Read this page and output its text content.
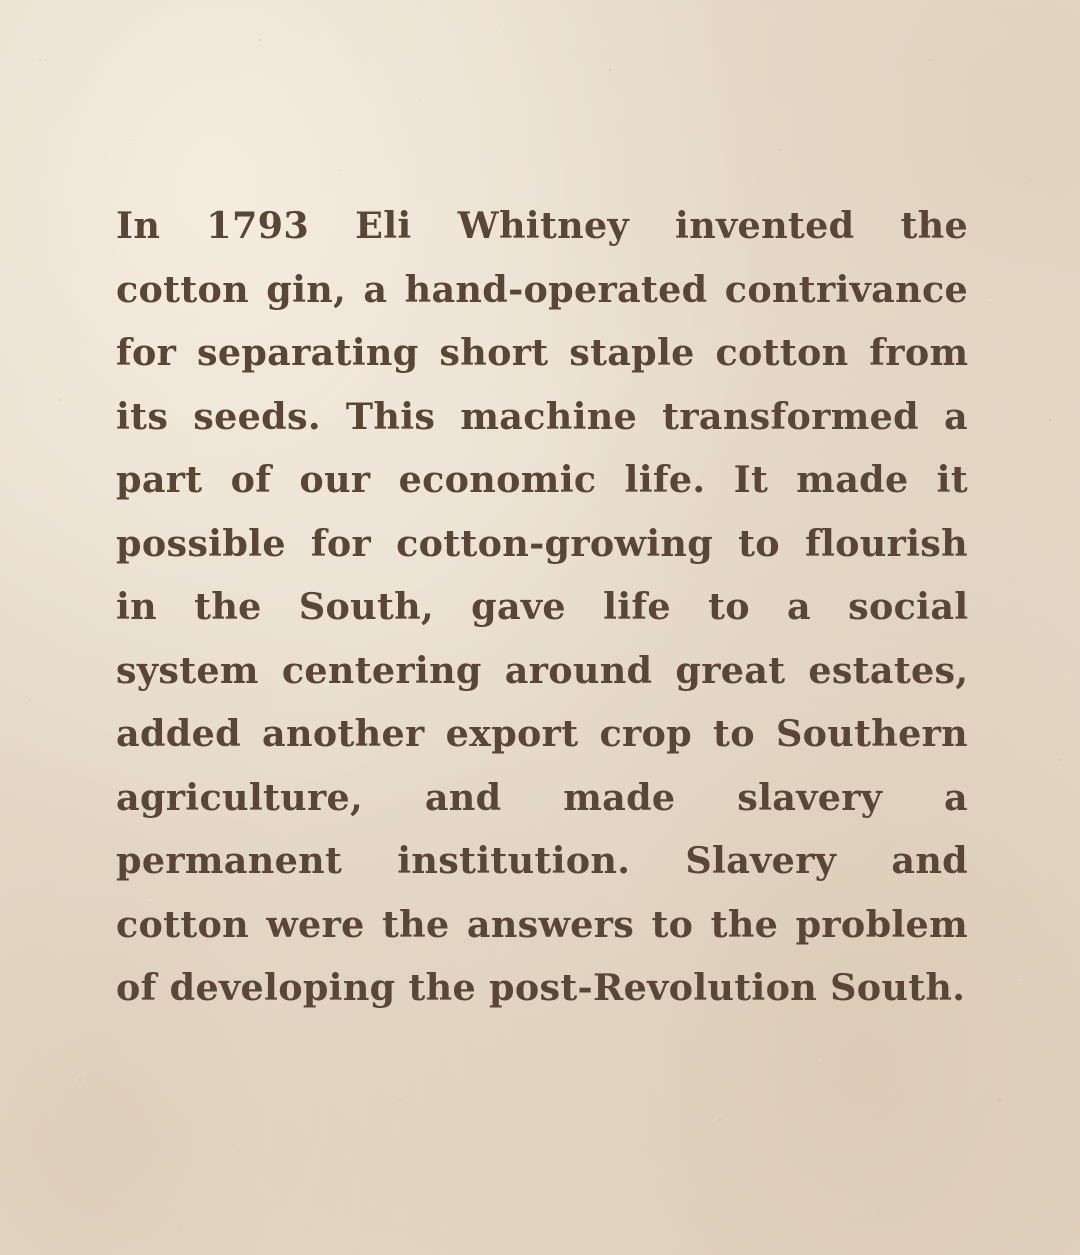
In 1793 Eli Whitney invented the
cotton gin, a hand-operated contrivance
for separating short staple cotton from
its seeds. This machine transformed a
part of our economic life. It made it
possible for cotton-growing to flourish
in the South, gave life to a social
system centering around great estates,
added another export crop to Southern
agriculture, and made slavery a
permanent institution. Slavery and
cotton were the answers to the problem
of developing the post-Revolution South.
